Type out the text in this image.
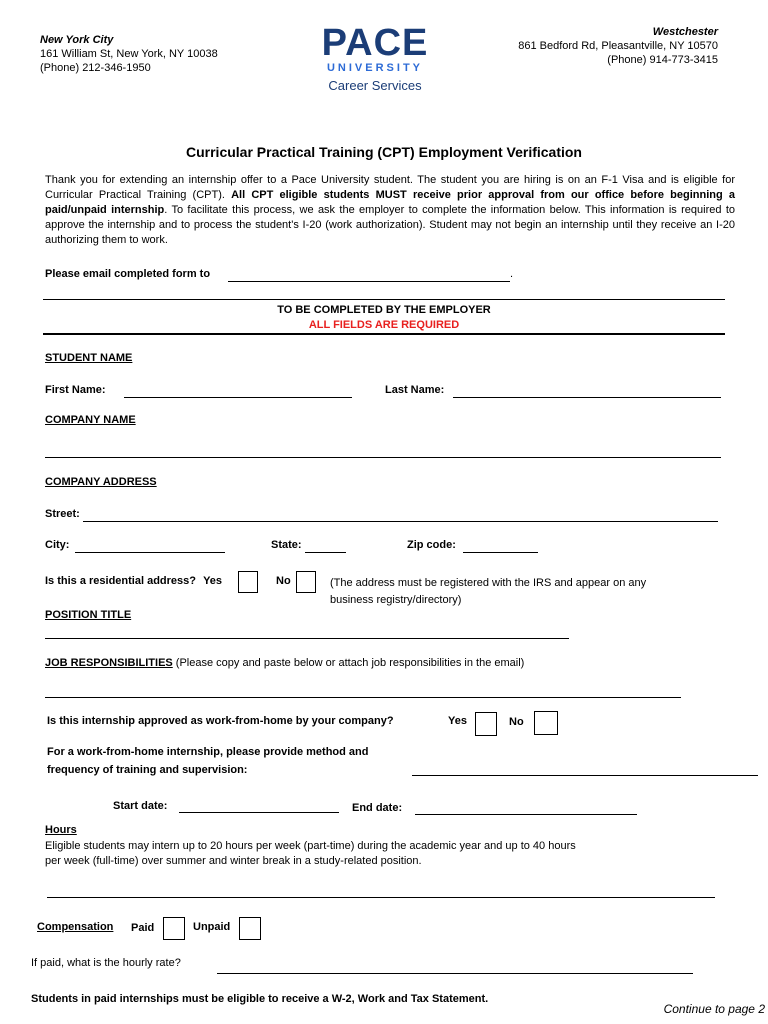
New York City
161 William St, New York, NY 10038
(Phone) 212-346-1950
PACE
UNIVERSITY
Career Services
Westchester
861 Bedford Rd, Pleasantville, NY 10570
(Phone) 914-773-3415
Curricular Practical Training (CPT) Employment Verification
Thank you for extending an internship offer to a Pace University student. The student you are hiring is on an F-1 Visa and is eligible for Curricular Practical Training (CPT). All CPT eligible students MUST receive prior approval from our office before beginning a paid/unpaid internship. To facilitate this process, we ask the employer to complete the information below. This information is required to approve the internship and to process the student's I-20 (work authorization). Student may not begin an internship until they receive an I-20 authorizing them to work.
Please email completed form to	.
TO BE COMPLETED BY THE EMPLOYER
ALL FIELDS ARE REQUIRED
STUDENT NAME
First Name:	Last Name:
COMPANY NAME
COMPANY ADDRESS
Street:
City:	State:	Zip code:
Is this a residential address? Yes	No	(The address must be registered with the IRS and appear on any
business registry/directory)
POSITION TITLE
JOB RESPONSIBILITIES (Please copy and paste below or attach job responsibilities in the email)
Is this internship approved as work-from-home by your company?	Yes	No
For a work-from-home internship, please provide method and
frequency of training and supervision:
Start date:	End date:
Hours
Eligible students may intern up to 20 hours per week (part-time) during the academic year and up to 40 hours
per week (full-time) over summer and winter break in a study-related position.
Compensation Paid	Unpaid
If paid, what is the hourly rate?
Students in paid internships must be eligible to receive a W-2, Work and Tax Statement.
Continue to page 2
